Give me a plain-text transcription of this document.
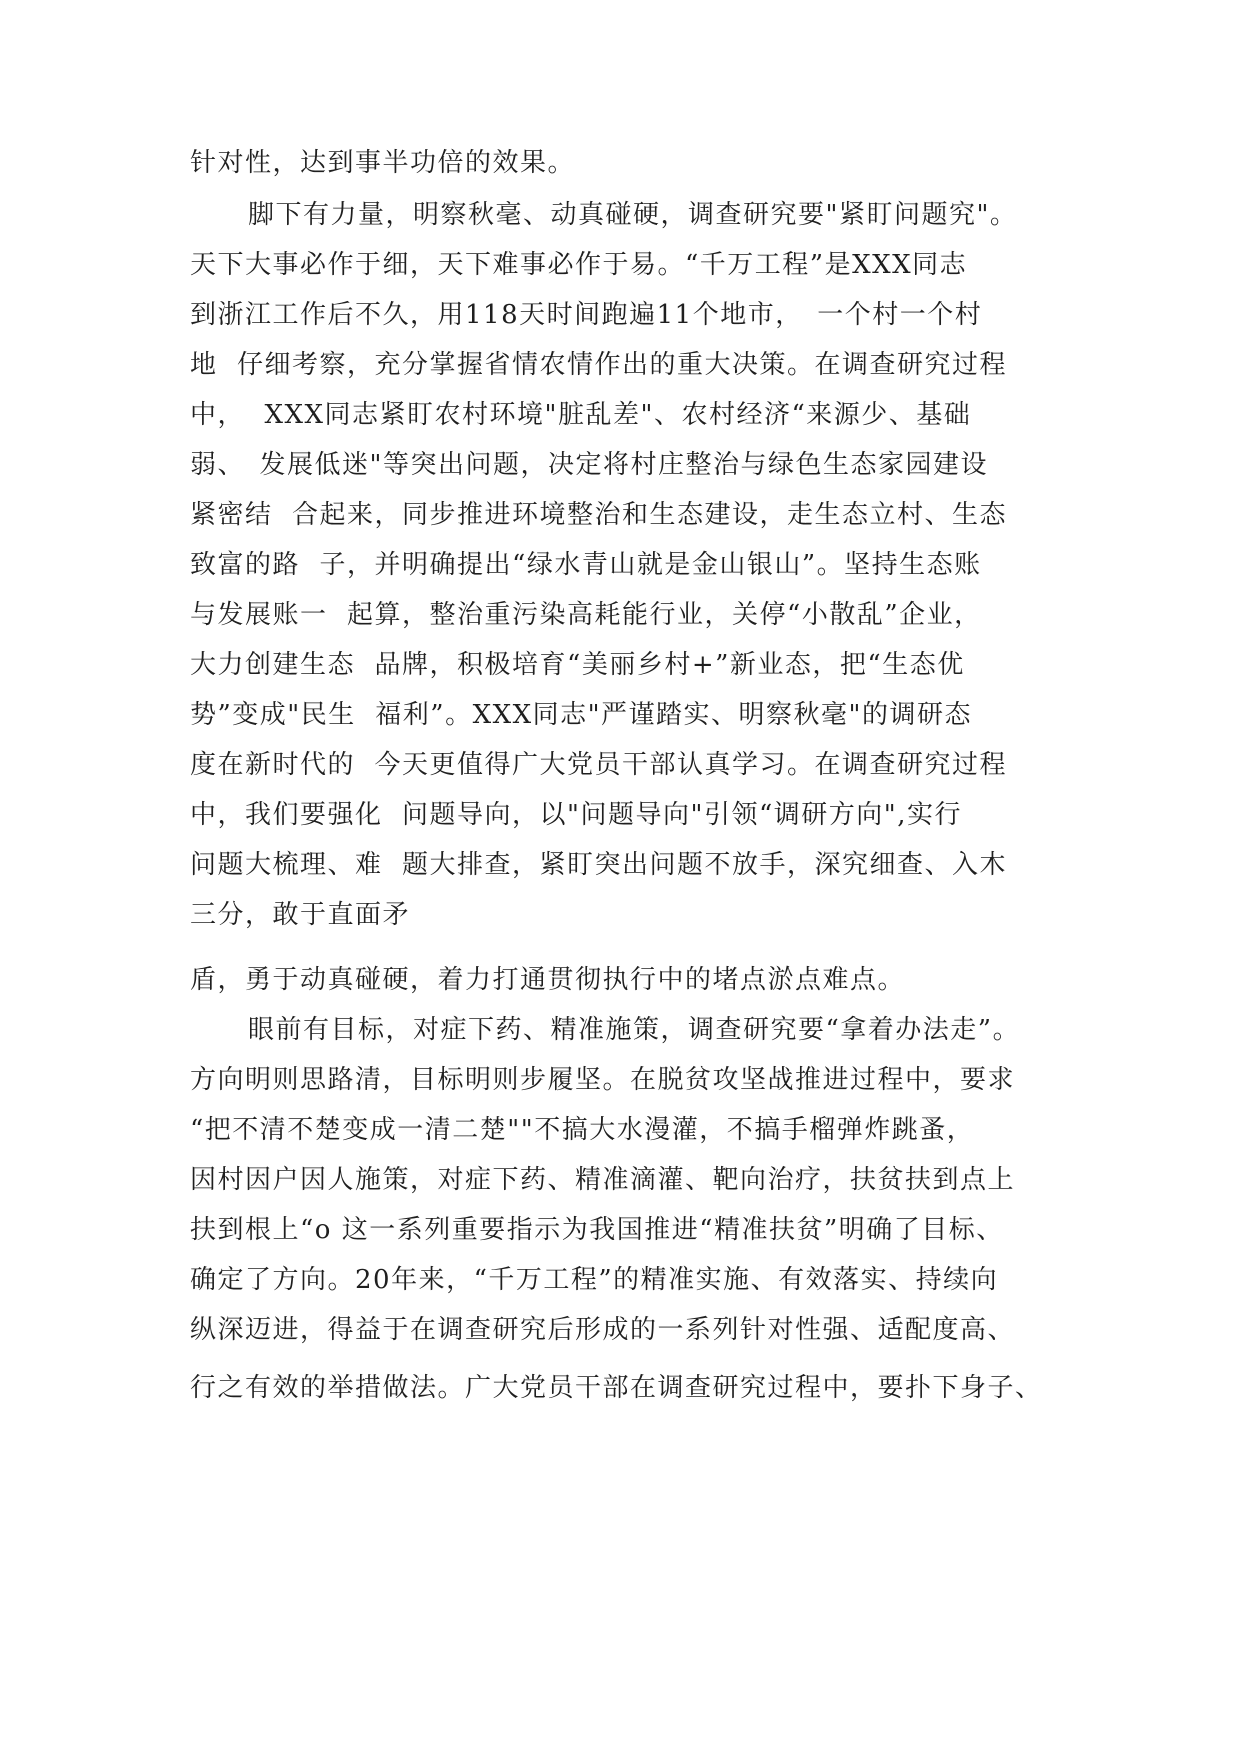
针对性，达到事半功倍的效果。

脚下有力量，明察秋毫、动真碰硬，调查研究要"紧盯问题究"。

天下大事必作于细，天下难事必作于易。“千万工程”是XXX同志

到浙江工作后不久，用118天时间跑遍11个地市，　一个村一个村

地  仔细考察，充分掌握省情农情作出的重大决策。在调查研究过程

中，  XXX同志紧盯农村环境"脏乱差"、农村经济“来源少、基础

弱、　发展低迷"等突出问题，决定将村庄整治与绿色生态家园建设

紧密结  合起来，同步推进环境整治和生态建设，走生态立村、生态

致富的路  子，并明确提出“绿水青山就是金山银山”。坚持生态账

与发展账一  起算，整治重污染高耗能行业，关停“小散乱”企业，

大力创建生态  品牌，积极培育“美丽乡村+”新业态，把“生态优

势”变成"民生  福利”。XXX同志"严谨踏实、明察秋毫"的调研态

度在新时代的  今天更值得广大党员干部认真学习。在调查研究过程

中，我们要强化  问题导向，以"问题导向"引领“调研方向",实行

问题大梳理、难  题大排查，紧盯突出问题不放手，深究细查、入木

三分，敢于直面矛

盾，勇于动真碰硬，着力打通贯彻执行中的堵点淤点难点。

眼前有目标，对症下药、精准施策，调查研究要“拿着办法走”。

方向明则思路清，目标明则步履坚。在脱贫攻坚战推进过程中，要求

“把不清不楚变成一清二楚""不搞大水漫灌，不搞手榴弹炸跳蚤，

因村因户因人施策，对症下药、精准滴灌、靶向治疗，扶贫扶到点上

扶到根上“o 这一系列重要指示为我国推进“精准扶贫”明确了目标、

确定了方向。20年来，“千万工程”的精准实施、有效落实、持续向

纵深迈进，得益于在调查研究后形成的一系列针对性强、适配度高、

行之有效的举措做法。广大党员干部在调查研究过程中，要扑下身子、
